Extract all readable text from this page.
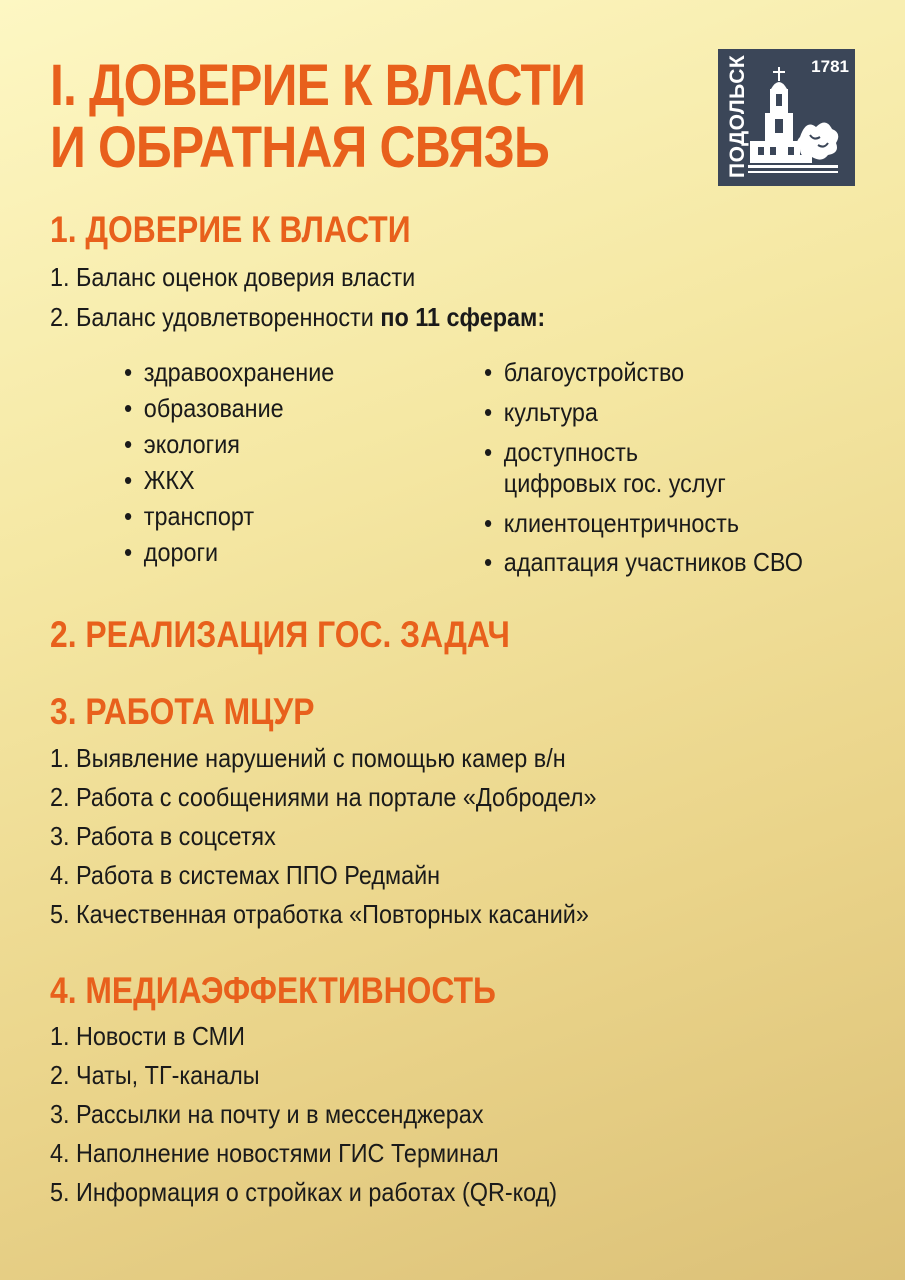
I. ДОВЕРИЕ К ВЛАСТИ
И ОБРАТНАЯ СВЯЗЬ	ПОДОЛЬСК	1781
1. ДОВЕРИЕ К ВЛАСТИ

1. Баланс оценок доверия власти

2. Баланс удовлетворенности по 11 сферам:

• здравоохранение

• образование

• экология

• ЖКХ

• транспорт

• дороги

• благоустройство

• культура

• доступность
цифровых гос. услуг

• клиентоцентричность

• адаптация участников СВО

2. РЕАЛИЗАЦИЯ ГОС. ЗАДАЧ
3. РАБОТА МЦУР

1. Выявление нарушений с помощью камер в/н

2. Работа с сообщениями на портале «Добродел»

3. Работа в соцсетях

4. Работа в системах ППО Редмайн

5. Качественная отработка «Повторных касаний»

4. МЕДИАЭФФЕКТИВНОСТЬ

1. Новости в СМИ

2. Чаты, ТГ-каналы

3. Рассылки на почту и в мессенджерах

4. Наполнение новостями ГИС Терминал

5. Информация о стройках и работах (QR-код)
